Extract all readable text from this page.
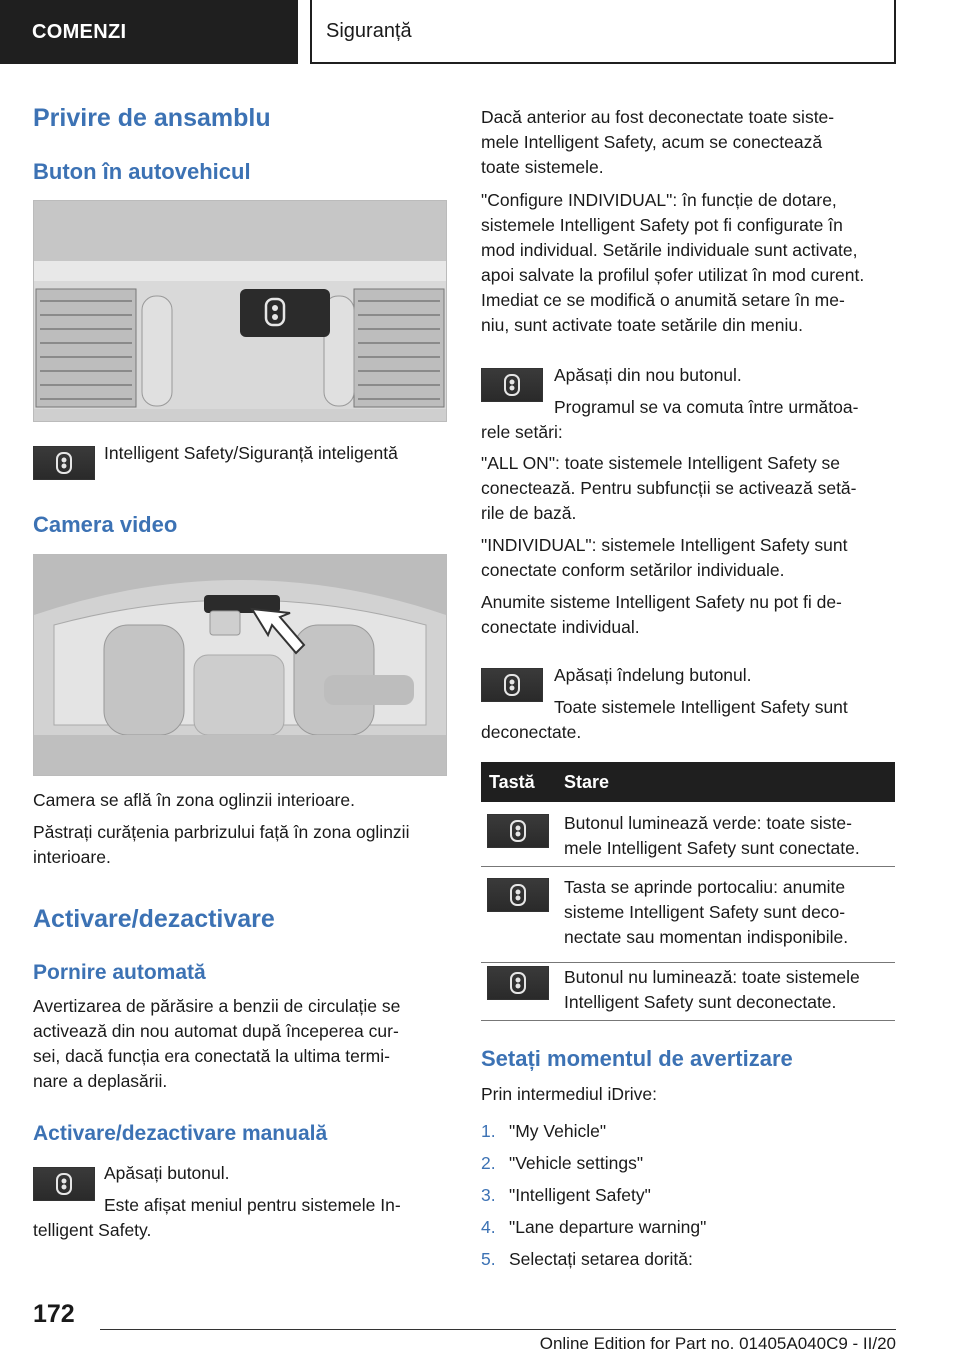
COMENZI	Siguranță
Privire de ansamblu
Buton în autovehicul

Intelligent Safety/Siguranță inteligentă

Camera video

Camera se află în zona oglinzii interioare.

Păstrați curățenia parbrizului față în zona oglinzii

interioare.

Activare/dezactivare
Pornire automată

Avertizarea de părăsire a benzii de circulație se

activează din nou automat după începerea cur-

sei, dacă funcția era conectată la ultima termi-

nare a deplasării.

Activare/dezactivare manuală

Apăsați butonul.

Este afișat meniul pentru sistemele In-

telligent Safety.

Dacă anterior au fost deconectate toate siste-

mele Intelligent Safety, acum se conectează

toate sistemele.

"Configure INDIVIDUAL": în funcție de dotare,

sistemele Intelligent Safety pot fi configurate în

mod individual. Setările individuale sunt activate,

apoi salvate la profilul șofer utilizat în mod curent.

Imediat ce se modifică o anumită setare în me-

niu, sunt activate toate setările din meniu.

Apăsați din nou butonul.

Programul se va comuta între următoa-

rele setări:

"ALL ON": toate sistemele Intelligent Safety se

conectează. Pentru subfuncții se activează setă-

rile de bază.

"INDIVIDUAL": sistemele Intelligent Safety sunt

conectate conform setărilor individuale.

Anumite sisteme Intelligent Safety nu pot fi de-

conectate individual.

Apăsați îndelung butonul.

Toate sistemele Intelligent Safety sunt

deconectate.

Tastă Stare

Butonul luminează verde: toate siste-

mele Intelligent Safety sunt conectate.

Tasta se aprinde portocaliu: anumite

sisteme Intelligent Safety sunt deco-

nectate sau momentan indisponibile.

Butonul nu luminează: toate sistemele

Intelligent Safety sunt deconectate.

Setați momentul de avertizare

Prin intermediul iDrive:

1. "My Vehicle"
2. "Vehicle settings"
3. "Intelligent Safety"
4. "Lane departure warning"
5. Selectați setarea dorită:
172
Online Edition for Part no. 01405A040C9 - II/20
